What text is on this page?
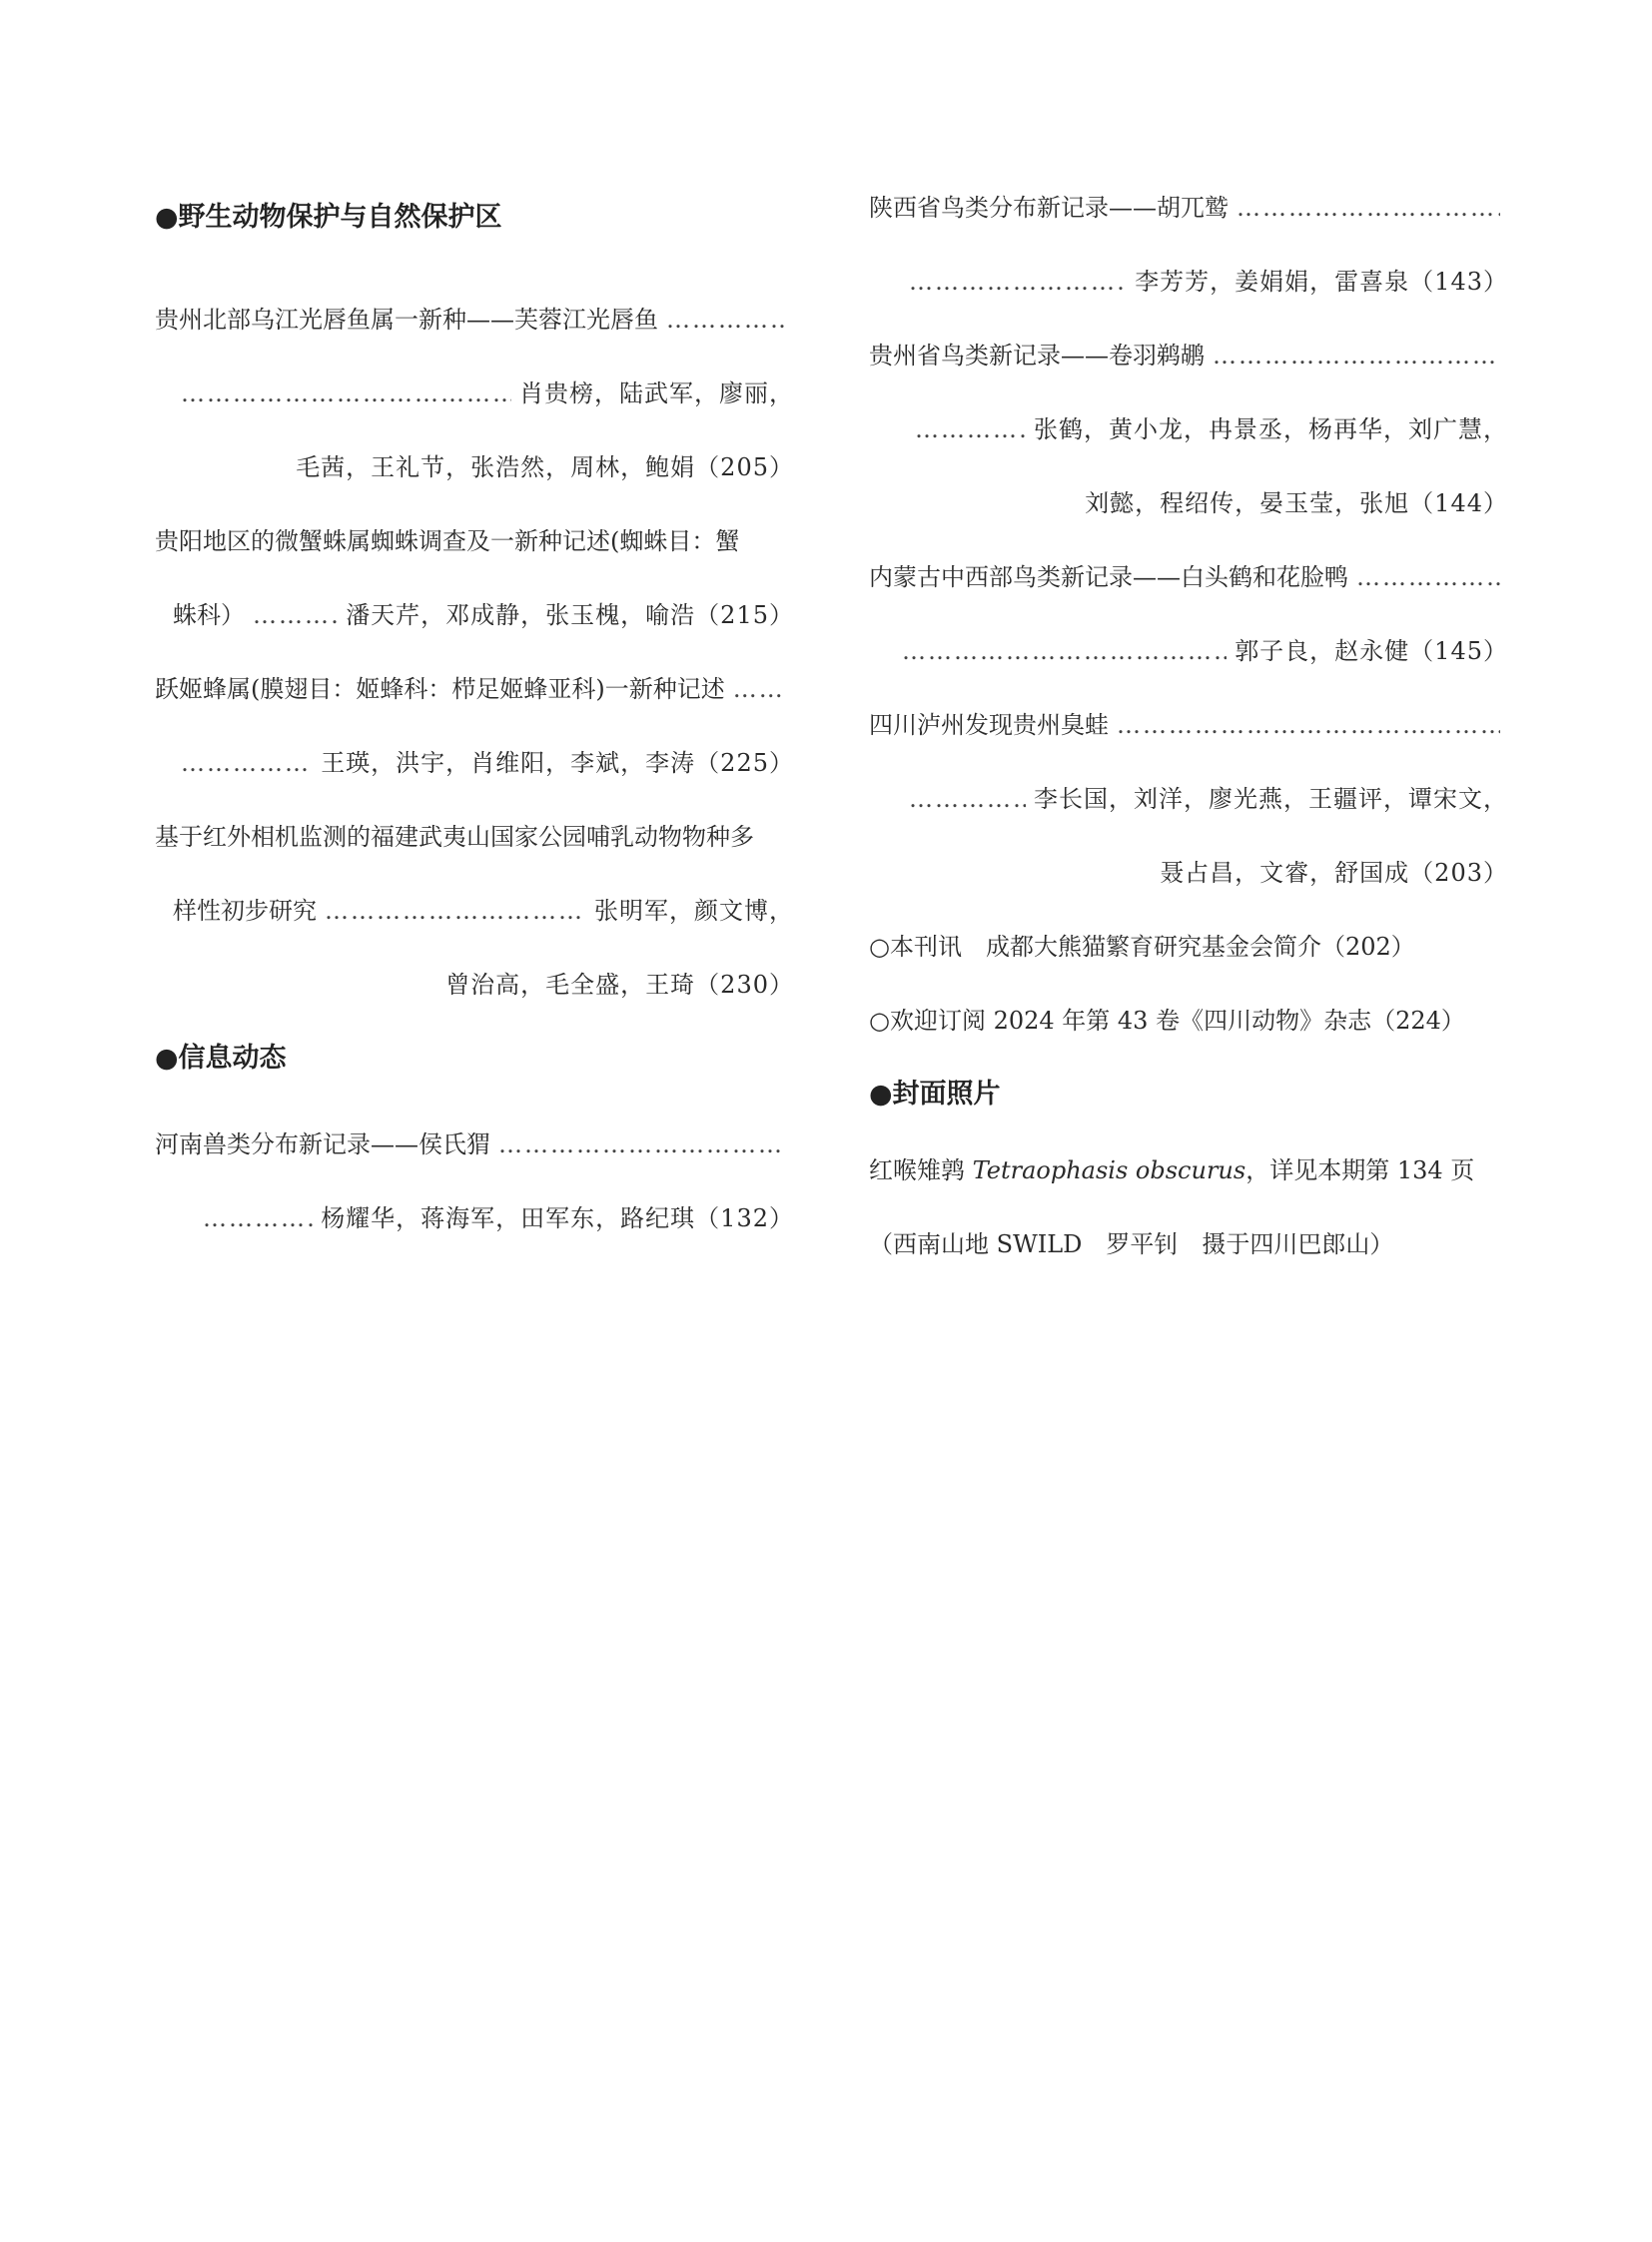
●野生动物保护与自然保护区
贵州北部乌江光唇鱼属一新种——芙蓉江光唇鱼
…………………………………………………………………………………………………………………………………………
…………………………………………………………………………………………………………………………………………
肖贵榜，陆武军，廖丽，
毛茜，王礼节，张浩然，周林，鲍娟（205）
贵阳地区的微蟹蛛属蜘蛛调查及一新种记述(蜘蛛目：蟹
蛛科） …………………………………………………………………………………………………………………………………………	潘天芹，邓成静，张玉槐，喻浩（215）
跃姬蜂属(膜翅目：姬蜂科：栉足姬蜂亚科)一新种记述
…………………………………………………………………………………………………………………………………………
…………………………………………………………………………………………………………………………………………
王瑛，洪宇，肖维阳，李斌，李涛（225）
基于红外相机监测的福建武夷山国家公园哺乳动物物种多
样性初步研究 …………………………………………………………………………………………………………………………………………	张明军，颜文博，
曾治高，毛全盛，王琦（230）
●信息动态
河南兽类分布新记录——侯氏猬
…………………………………………………………………………………………………………………………………………
…………………………………………………………………………………………………………………………………………
杨耀华，蒋海军，田军东，路纪琪（132）
陕西省鸟类分布新记录——胡兀鹫
…………………………………………………………………………………………………………………………………………
…………………………………………………………………………………………………………………………………………
李芳芳，姜娟娟，雷喜泉（143）
贵州省鸟类新记录——卷羽鹈鹕
…………………………………………………………………………………………………………………………………………
…………………………………………………………………………………………………………………………………………
张鹤，黄小龙，冉景丞，杨再华，刘广慧，
刘懿，程绍传，晏玉莹，张旭（144）
内蒙古中西部鸟类新记录——白头鹤和花脸鸭
…………………………………………………………………………………………………………………………………………
…………………………………………………………………………………………………………………………………………
郭子良，赵永健（145）
四川泸州发现贵州臭蛙
…………………………………………………………………………………………………………………………………………
…………………………………………………………………………………………………………………………………………
李长国，刘洋，廖光燕，王疆评，谭宋文，
聂占昌，文睿，舒国成（203）
○本刊讯　成都大熊猫繁育研究基金会简介（202）
○欢迎订阅 2024 年第 43 卷《四川动物》杂志（224）
●封面照片
红喉雉鹑 Tetraophasis obscurus，详见本期第 134 页
（西南山地 SWILD　罗平钊　摄于四川巴郎山）
